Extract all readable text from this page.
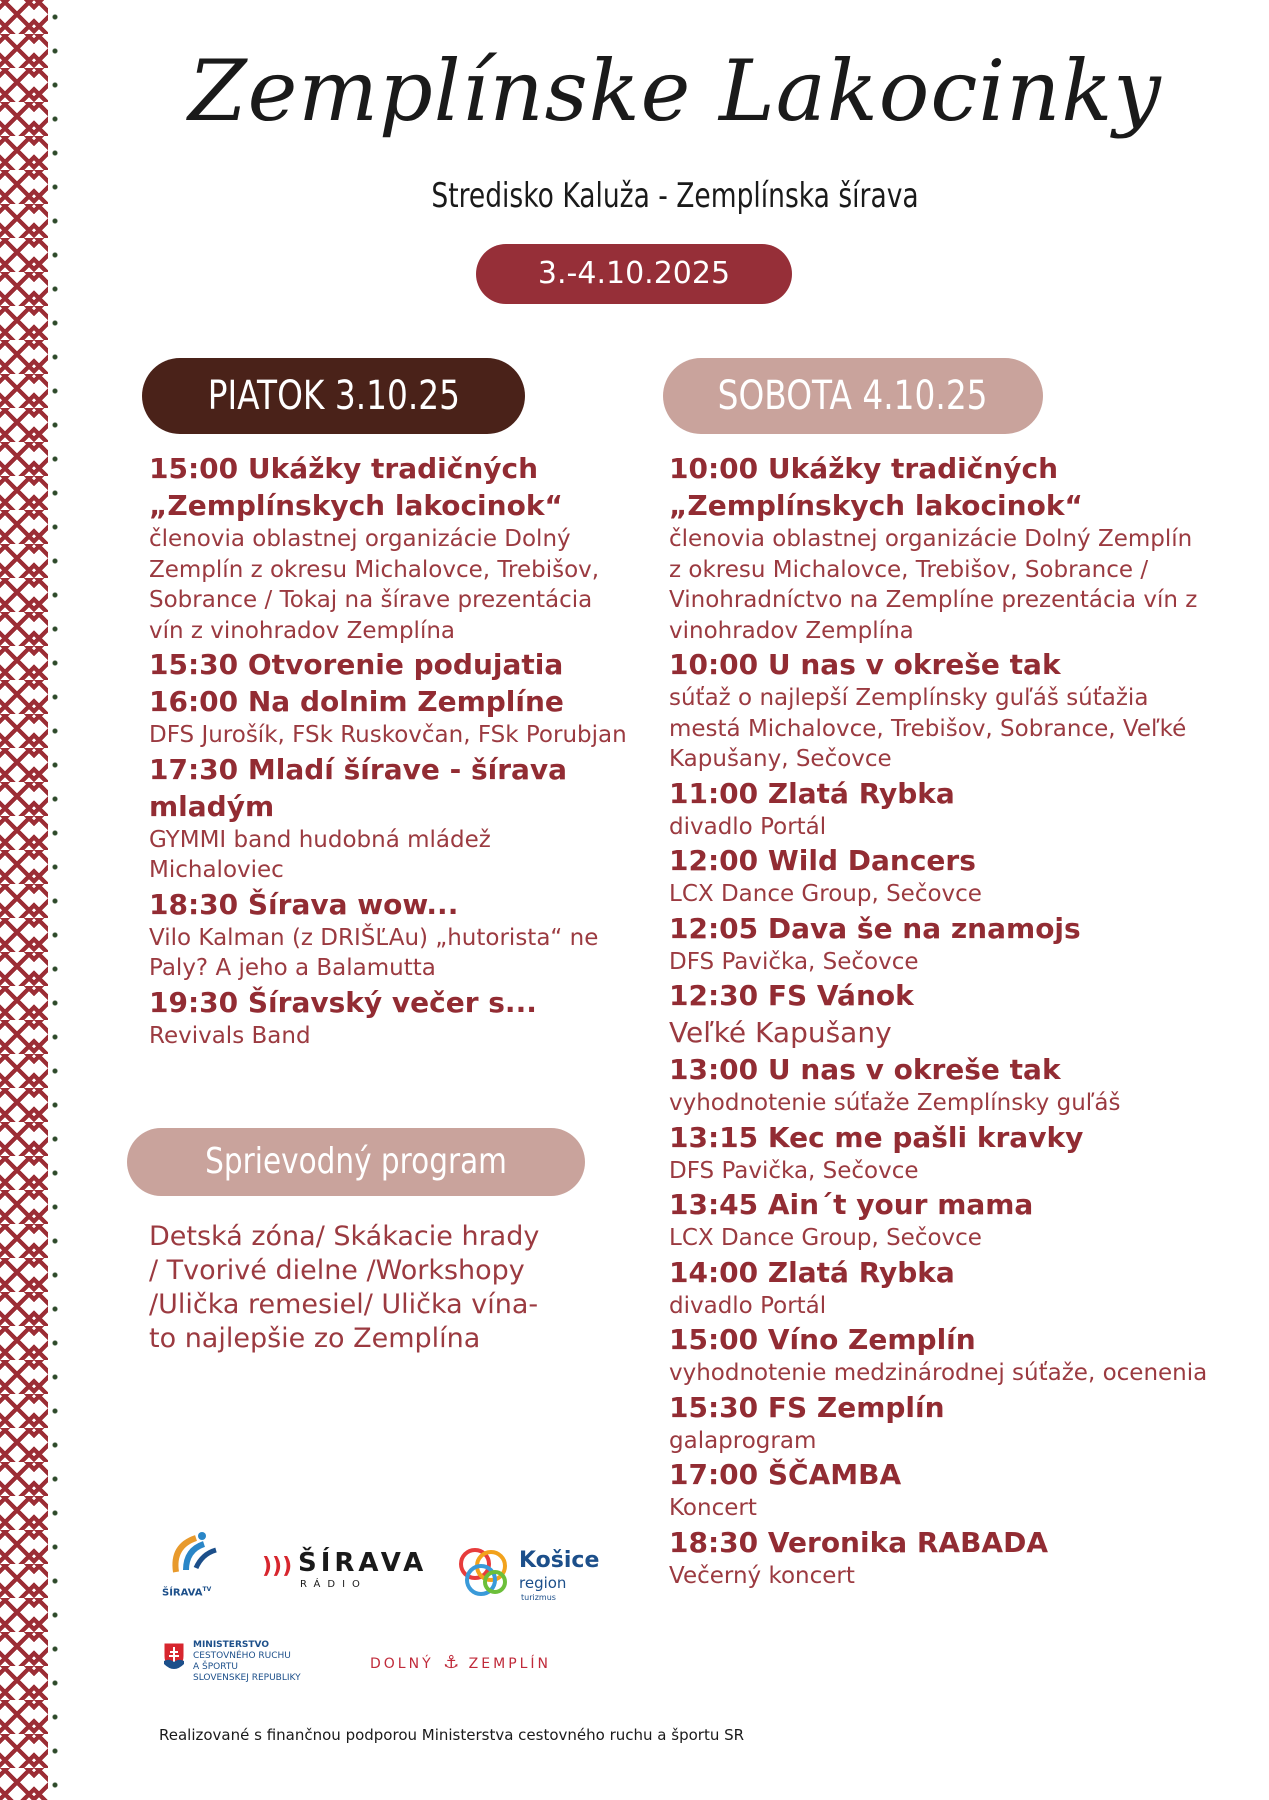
Zemplínske Lakocinky
Stredisko Kaluža - Zemplínska šírava
3.-4.10.2025
PIATOK 3.10.25	SOBOTA 4.10.25
15:00 Ukážky tradičných „Zemplínskych lakocinok“
členovia oblastnej organizácie Dolný Zemplín z okresu Michalovce, Trebišov, Sobrance / Tokaj na šírave prezentácia vín z vinohradov Zemplína
15:30 Otvorenie podujatia
16:00 Na dolnim Zemplíne
DFS Jurošík, FSk Ruskovčan, FSk Porubjan
17:30 Mladí šírave - šírava mladým
GYMMI band hudobná mládež Michaloviec
18:30 Šírava wow...
Vilo Kalman (z DRIŠĽAu) „hutorista“ ne Paly? A jeho a Balamutta
19:30 Šíravský večer s...
Revivals Band
Sprievodný program
Detská zóna/ Skákacie hrady / Tvorivé dielne /Workshopy /Ulička remesiel/ Ulička vína- to najlepšie zo Zemplína
10:00 Ukážky tradičných „Zemplínskych lakocinok“
členovia oblastnej organizácie Dolný Zemplín z okresu Michalovce, Trebišov, Sobrance / Vinohradníctvo na Zemplíne prezentácia vín z vinohradov Zemplína
10:00 U nas v okreše tak
súťaž o najlepší Zemplínsky guľáš súťažia mestá Michalovce, Trebišov, Sobrance, Veľké Kapušany, Sečovce
11:00 Zlatá Rybka
divadlo Portál
12:00 Wild Dancers
LCX Dance Group, Sečovce
12:05 Dava še na znamojs
DFS Pavička, Sečovce
12:30 FS Vánok
Veľké Kapušany
13:00 U nas v okreše tak
vyhodnotenie súťaže Zemplínsky guľáš
13:15 Kec me pašli kravky
DFS Pavička, Sečovce
13:45 Ain´t your mama
LCX Dance Group, Sečovce
14:00 Zlatá Rybka
divadlo Portál
15:00 Víno Zemplín
vyhodnotenie medzinárodnej súťaže, ocenenia
15:30 FS Zemplín
galaprogram
17:00 ŠČAMBA
Koncert
18:30 Veronika RABADA
Večerný koncert
$ŠÍRAVA^{TV}$
))) ŠÍRAVA
RÁDIO
Košice
region
turizmus
MINISTERSTVO
CESTOVNÉHO RUCHU
A ŠPORTU
SLOVENSKEJ REPUBLIKY
DOLNÝ ⚓ ZEMPLÍN
Realizované s finančnou podporou Ministerstva cestovného ruchu a športu SR
